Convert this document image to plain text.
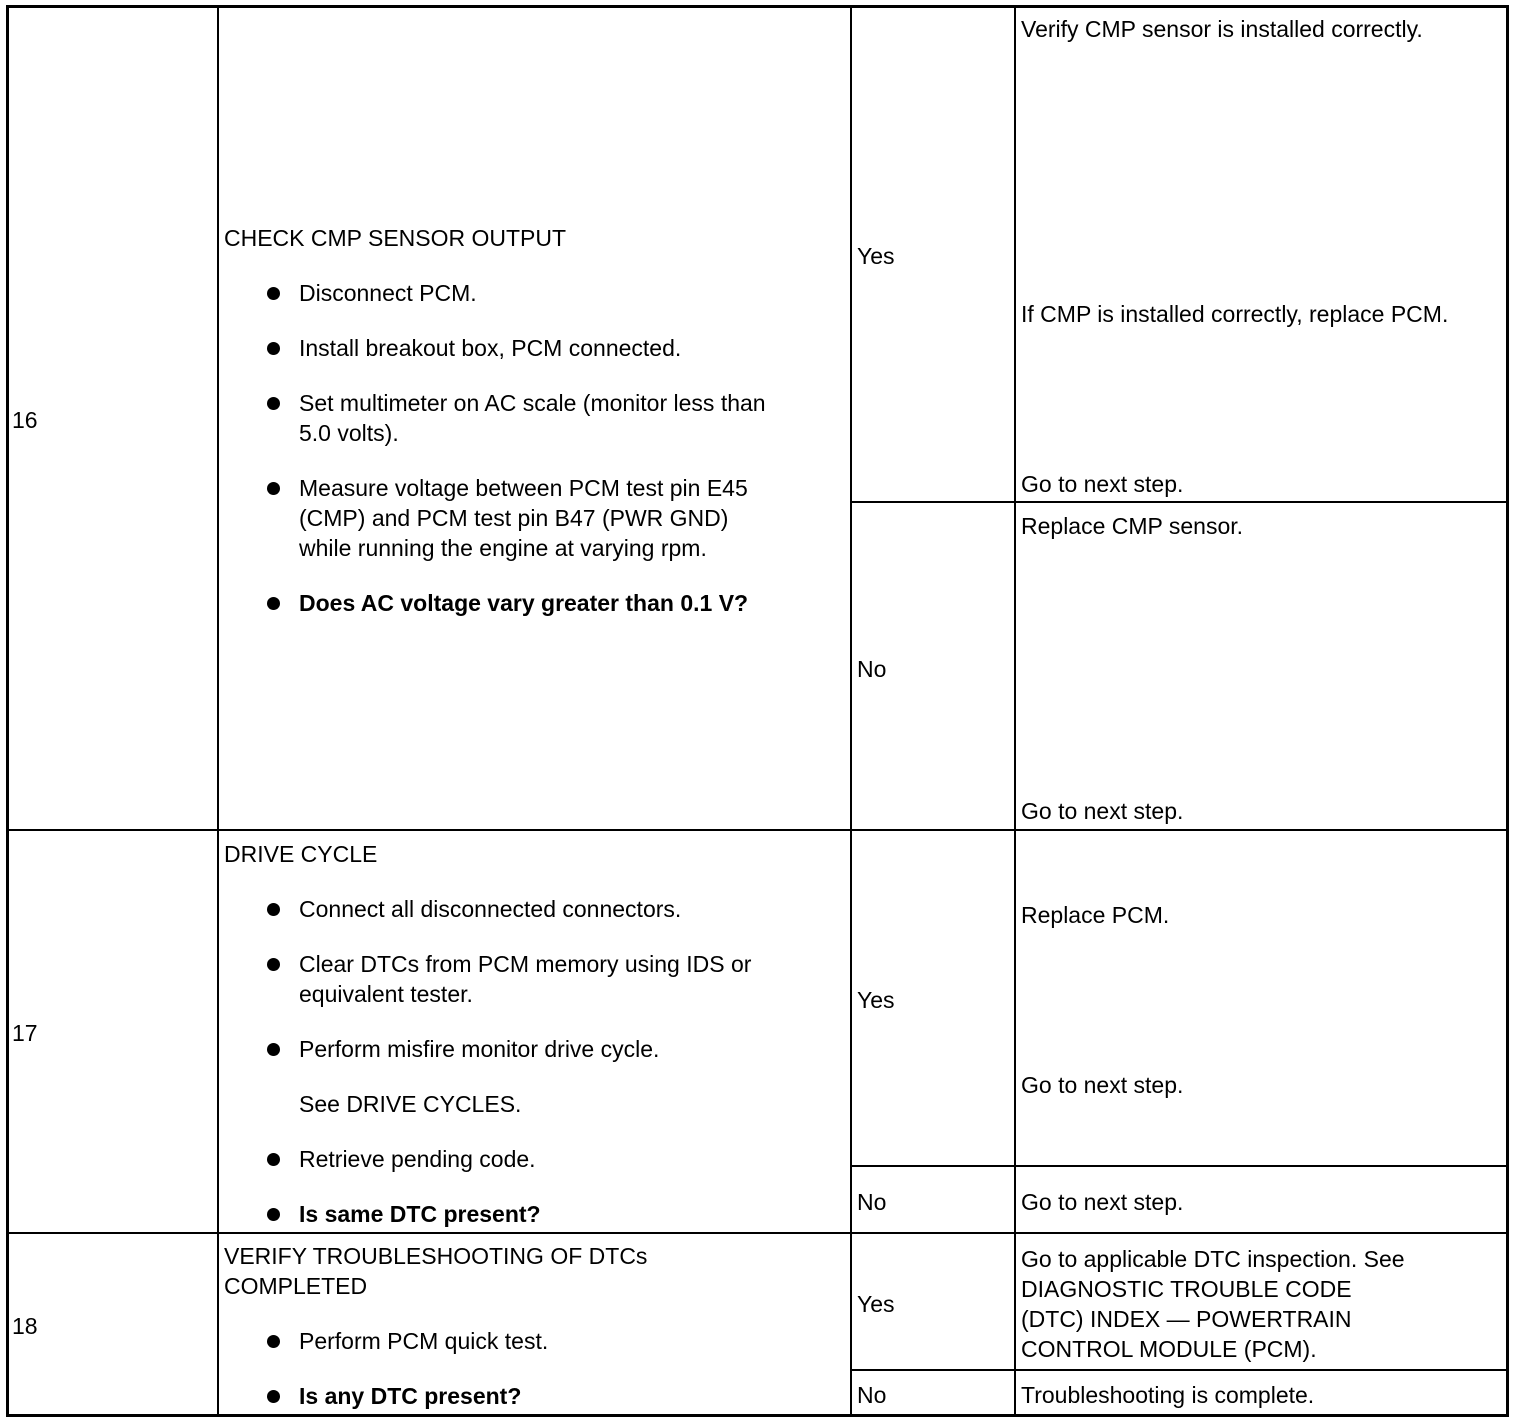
16
CHECK CMP SENSOR OUTPUT
Disconnect PCM.
Install breakout box, PCM connected.
Set multimeter on AC scale (monitor less than
5.0 volts).
Measure voltage between PCM test pin E45
(CMP) and PCM test pin B47 (PWR GND)
while running the engine at varying rpm.
Does AC voltage vary greater than 0.1 V?
Yes
Verify CMP sensor is installed correctly.
If CMP is installed correctly, replace PCM.
Go to next step.
No
Replace CMP sensor.
Go to next step.
17
DRIVE CYCLE
Connect all disconnected connectors.
Clear DTCs from PCM memory using IDS or
equivalent tester.
Perform misfire monitor drive cycle.
See DRIVE CYCLES.
Retrieve pending code.
Is same DTC present?
Yes
Replace PCM.
Go to next step.
No	Go to next step.
18
VERIFY TROUBLESHOOTING OF DTCs
COMPLETED
Perform PCM quick test.
Is any DTC present?
Yes
Go to applicable DTC inspection. See
DIAGNOSTIC TROUBLE CODE
(DTC) INDEX — POWERTRAIN
CONTROL MODULE (PCM).
No	Troubleshooting is complete.
